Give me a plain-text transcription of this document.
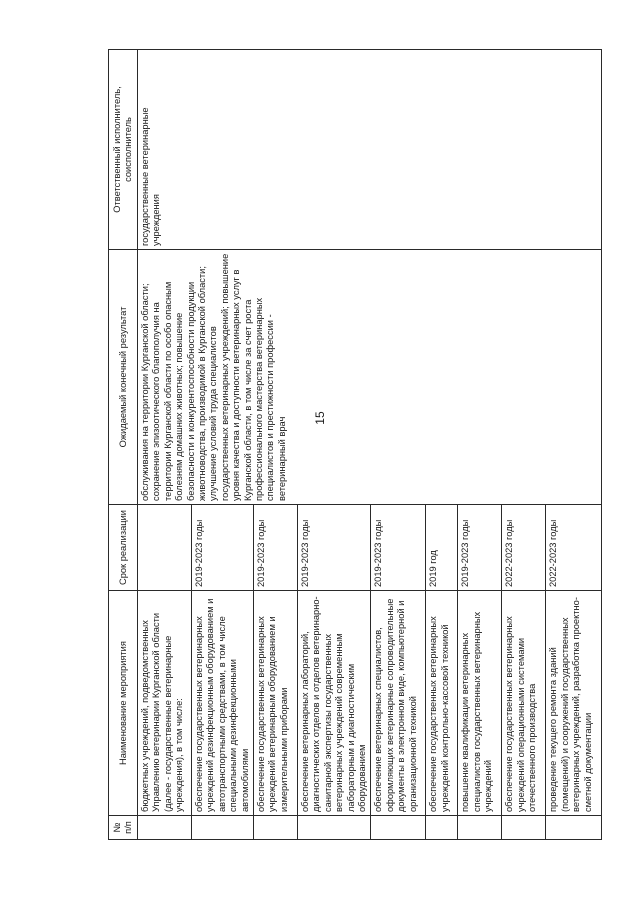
15
№ п/п	Наименование мероприятия	Срок реализации	Ожидаемый конечный результат	Ответственный исполнитель, соисполнитель
	бюджетных учреждений, подведомственных Управлению ветеринарии Курганской области (далее - государственные ветеринарные учреждения), в том числе:		обслуживания на территории Курганской области; сохранение эпизоотического благополучия на территории Курганской области по особо опасным болезням домашних животных; повышение безопасности и конкурентоспособности продукции животноводства, производимой в Курганской области; улучшение условий труда специалистов государственных ветеринарных учреждений; повышение уровня качества и доступности ветеринарных услуг в Курганской области, в том числе за счет роста профессионального мастерства ветеринарных специалистов и престижности профессии - ветеринарный врач	государственные ветеринарные учреждения
	обеспечение государственных ветеринарных учреждений дезинфекционным оборудованием и автотранспортными средствами, в том числе специальными дезинфекционными автомобилями	2019-2023 годы		
	обеспечение государственных ветеринарных учреждений ветеринарным оборудованием и измерительными приборами	2019-2023 годы		
	обеспечение ветеринарных лабораторий, диагностических отделов и отделов ветеринарно-санитарной экспертизы государственных ветеринарных учреждений современным лабораторным и диагностическим оборудованием	2019-2023 годы		
	обеспечение ветеринарных специалистов, оформляющих ветеринарные сопроводительные документы в электронном виде, компьютерной и организационной техникой	2019-2023 годы		
	обеспечение государственных ветеринарных учреждений контрольно-кассовой техникой	2019 год		
	повышение квалификации ветеринарных специалистов государственных ветеринарных учреждений	2019-2023 годы		
	обеспечение государственных ветеринарных учреждений операционными системами отечественного производства	2022-2023 годы		
	проведение текущего ремонта зданий (помещений) и сооружений государственных ветеринарных учреждений, разработка проектно-сметной документации	2022-2023 годы		
